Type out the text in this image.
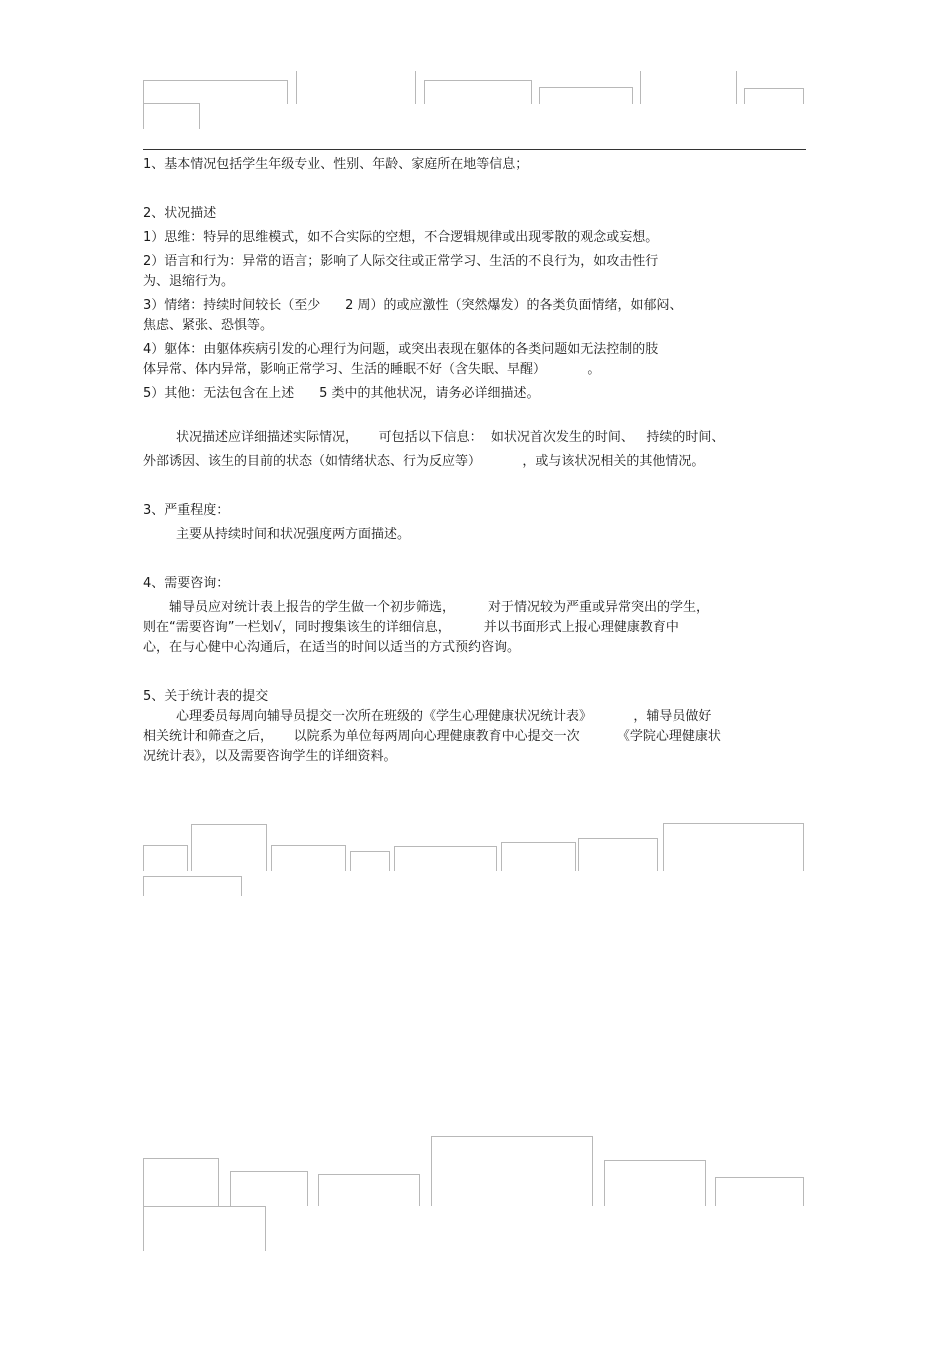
1、基本情况包括学生年级专业、性别、年龄、家庭所在地等信息；

2、状况描述

1）思维：特异的思维模式，如不合实际的空想，不合逻辑规律或出现零散的观念或妄想。

2）语言和行为：异常的语言；影响了人际交往或正常学习、生活的不良行为，如攻击性行

为、退缩行为。

3）情绪：持续时间较长（至少      2 周）的或应激性（突然爆发）的各类负面情绪，如郁闷、

焦虑、紧张、恐惧等。

4）躯体：由躯体疾病引发的心理行为问题，或突出表现在躯体的各类问题如无法控制的肢

体异常、体内异常，影响正常学习、生活的睡眠不好（含失眠、早醒）          。

5）其他：无法包含在上述      5 类中的其他状况，请务必详细描述。

状况描述应详细描述实际情况，     可包括以下信息：  如状况首次发生的时间、   持续的时间、

外部诱因、该生的目前的状态（如情绪状态、行为反应等）          ，或与该状况相关的其他情况。

3、严重程度：

主要从持续时间和状况强度两方面描述。

4、需要咨询：

辅导员应对统计表上报告的学生做一个初步筛选，        对于情况较为严重或异常突出的学生，

则在“需要咨询”一栏划√，同时搜集该生的详细信息，        并以书面形式上报心理健康教育中

心，在与心健中心沟通后，在适当的时间以适当的方式预约咨询。

5、关于统计表的提交

心理委员每周向辅导员提交一次所在班级的《学生心理健康状况统计表》          ，辅导员做好

相关统计和筛查之后，     以院系为单位每两周向心理健康教育中心提交一次         《学院心理健康状

况统计表》，以及需要咨询学生的详细资料。
